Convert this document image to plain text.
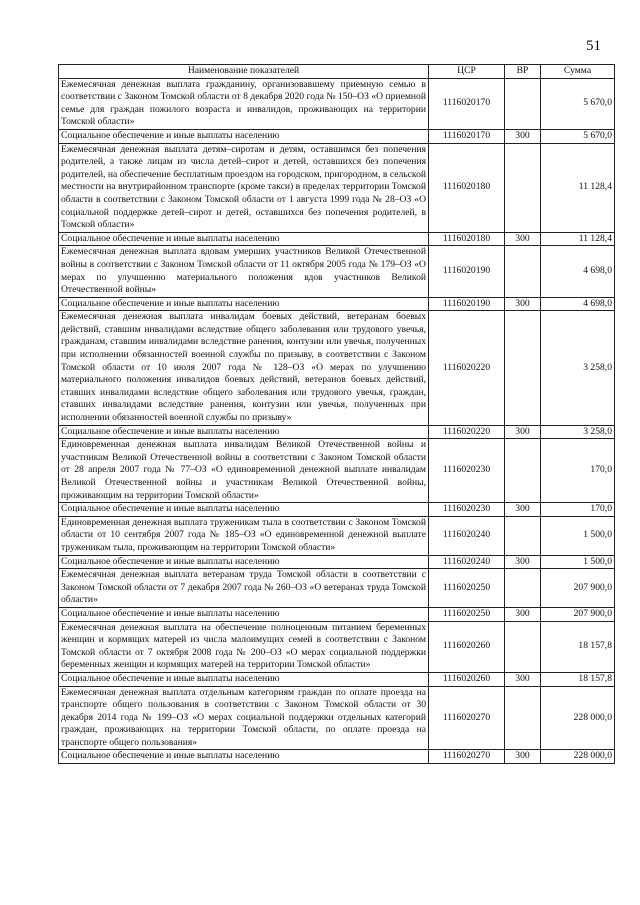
51
Наименование показателей	ЦСР	ВР	Сумма
Ежемесячная денежная выплата гражданину, организовавшему приемную семью в соответствии с Законом Томской области от 8 декабря 2020 года № 150–ОЗ «О приемной семье для граждан пожилого возраста и инвалидов, проживающих на территории Томской области»	1116020170		5 670,0
Социальное обеспечение и иные выплаты населению	1116020170	300	5 670,0
Ежемесячная денежная выплата детям–сиротам и детям, оставшимся без попечения родителей, а также лицам из числа детей–сирот и детей, оставшихся без попечения родителей, на обеспечение бесплатным проездом на городском, пригородном, в сельской местности на внутрирайонном транспорте (кроме такси) в пределах территории Томской области в соответствии с Законом Томской области от 1 августа 1999 года № 28–ОЗ «О социальной поддержке детей–сирот и детей, оставшихся без попечения родителей, в Томской области»	1116020180		11 128,4
Социальное обеспечение и иные выплаты населению	1116020180	300	11 128,4
Ежемесячная денежная выплата вдовам умерших участников Великой Отечественной войны в соответствии с Законом Томской области от 11 октября 2005 года № 179–ОЗ «О мерах по улучшению материального положения вдов участников Великой Отечественной войны»	1116020190		4 698,0
Социальное обеспечение и иные выплаты населению	1116020190	300	4 698,0
Ежемесячная денежная выплата инвалидам боевых действий, ветеранам боевых действий, ставшим инвалидами вследствие общего заболевания или трудового увечья, гражданам, ставшим инвалидами вследствие ранения, контузии или увечья, полученных при исполнении обязанностей военной службы по призыву, в соответствии с Законом Томской области от 10 июля 2007 года № 128–ОЗ «О мерах по улучшению материального положения инвалидов боевых действий, ветеранов боевых действий, ставших инвалидами вследствие общего заболевания или трудового увечья, граждан, ставших инвалидами вследствие ранения, контузии или увечья, полученных при исполнении обязанностей военной службы по призыву»	1116020220		3 258,0
Социальное обеспечение и иные выплаты населению	1116020220	300	3 258,0
Единовременная денежная выплата инвалидам Великой Отечественной войны и участникам Великой Отечественной войны в соответствии с Законом Томской области от 28 апреля 2007 года № 77–ОЗ «О единовременной денежной выплате инвалидам Великой Отечественной войны и участникам Великой Отечественной войны, проживающим на территории Томской области»	1116020230		170,0
Социальное обеспечение и иные выплаты населению	1116020230	300	170,0
Единовременная денежная выплата труженикам тыла в соответствии с Законом Томской области от 10 сентября 2007 года № 185–ОЗ «О единовременной денежной выплате труженикам тыла, проживающим на территории Томской области»	1116020240		1 500,0
Социальное обеспечение и иные выплаты населению	1116020240	300	1 500,0
Ежемесячная денежная выплата ветеранам труда Томской области в соответствии с Законом Томской области от 7 декабря 2007 года № 260–ОЗ «О ветеранах труда Томской области»	1116020250		207 900,0
Социальное обеспечение и иные выплаты населению	1116020250	300	207 900,0
Ежемесячная денежная выплата на обеспечение полноценным питанием беременных женщин и кормящих матерей из числа малоимущих семей в соответствии с Законом Томской области от 7 октября 2008 года № 200–ОЗ «О мерах социальной поддержки беременных женщин и кормящих матерей на территории Томской области»	1116020260		18 157,8
Социальное обеспечение и иные выплаты населению	1116020260	300	18 157,8
Ежемесячная денежная выплата отдельным категориям граждан по оплате проезда на транспорте общего пользования в соответствии с Законом Томской области от 30 декабря 2014 года № 199–ОЗ «О мерах социальной поддержки отдельных категорий граждан, проживающих на территории Томской области, по оплате проезда на транспорте общего пользования»	1116020270		228 000,0
Социальное обеспечение и иные выплаты населению	1116020270	300	228 000,0
